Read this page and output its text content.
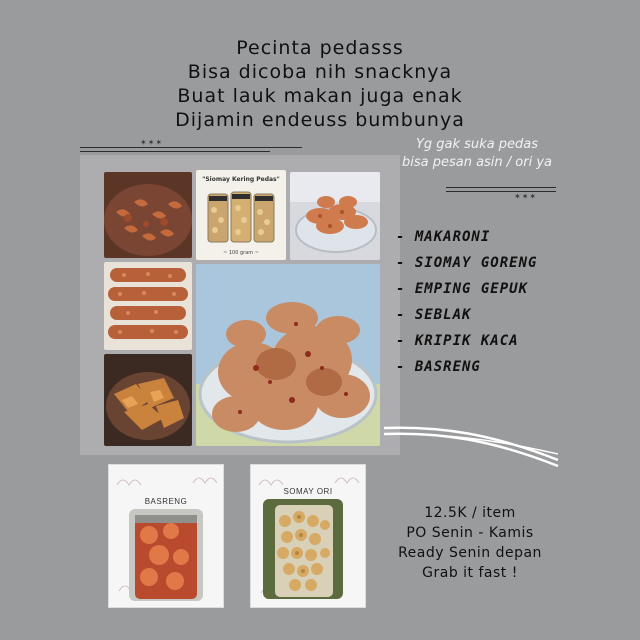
Pecinta pedasss
Bisa dicoba nih snacknya
Buat lauk makan juga enak
Dijamin endeuss bumbunya
✶✶✶	Yg gak suka pedas
bisa pesan asin / ori ya
✶✶✶
"Siomay Kering Pedas"
~ 100 gram ~
- MAKARONI
- SIOMAY GORENG
- EMPING GEPUK
- SEBLAK
- KRIPIK KACA
- BASRENG
BASRENG
SOMAY ORI
12.5K / item
PO Senin - Kamis
Ready Senin depan
Grab it fast !
